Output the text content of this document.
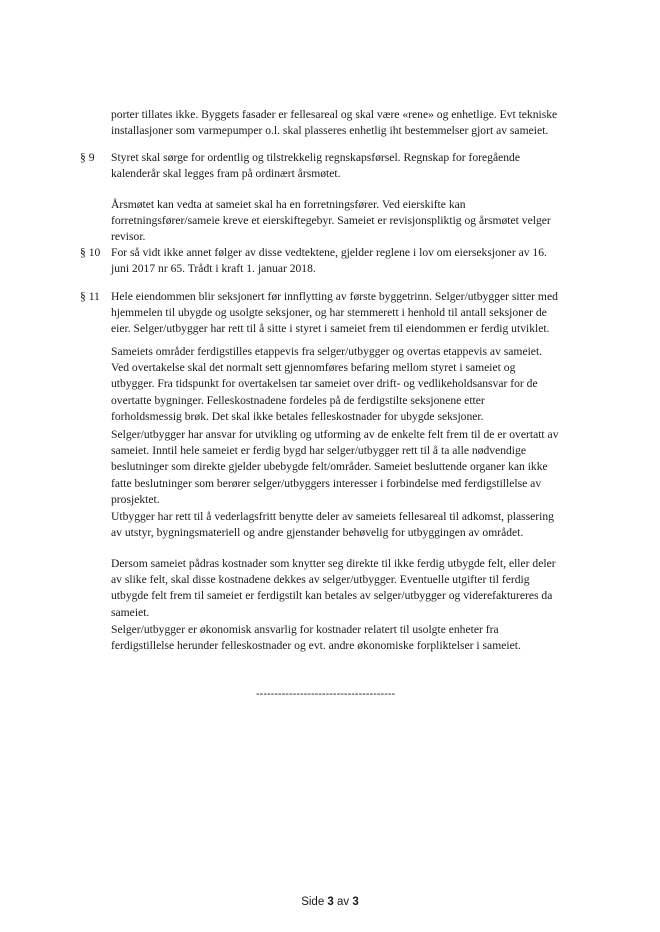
porter tillates ikke. Byggets fasader er fellesareal og skal være «rene» og enhetlige. Evt tekniske

installasjoner som varmepumper o.l. skal plasseres enhetlig iht bestemmelser gjort av sameiet.

§ 9 Styret skal sørge for ordentlig og tilstrekkelig regnskapsførsel. Regnskap for foregående

kalenderår skal legges fram på ordinært årsmøtet.

Årsmøtet kan vedta at sameiet skal ha en forretningsfører. Ved eierskifte kan

forretningsfører/sameie kreve et eierskiftegebyr. Sameiet er revisjonspliktig og årsmøtet velger

revisor.

§ 10 For så vidt ikke annet følger av disse vedtektene, gjelder reglene i lov om eierseksjoner av 16.

juni 2017 nr 65. Trådt i kraft 1. januar 2018.

§ 11 Hele eiendommen blir seksjonert før innflytting av første byggetrinn. Selger/utbygger sitter med

hjemmelen til ubygde og usolgte seksjoner, og har stemmerett i henhold til antall seksjoner de

eier. Selger/utbygger har rett til å sitte i styret i sameiet frem til eiendommen er ferdig utviklet.

Sameiets områder ferdigstilles etappevis fra selger/utbygger og overtas etappevis av sameiet.

Ved overtakelse skal det normalt sett gjennomføres befaring mellom styret i sameiet og

utbygger. Fra tidspunkt for overtakelsen tar sameiet over drift- og vedlikeholdsansvar for de

overtatte bygninger. Felleskostnadene fordeles på de ferdigstilte seksjonene etter

forholdsmessig brøk. Det skal ikke betales felleskostnader for ubygde seksjoner.

Selger/utbygger har ansvar for utvikling og utforming av de enkelte felt frem til de er overtatt av

sameiet. Inntil hele sameiet er ferdig bygd har selger/utbygger rett til å ta alle nødvendige

beslutninger som direkte gjelder ubebygde felt/områder. Sameiet besluttende organer kan ikke

fatte beslutninger som berører selger/utbyggers interesser i forbindelse med ferdigstillelse av

prosjektet.

Utbygger har rett til å vederlagsfritt benytte deler av sameiets fellesareal til adkomst, plassering

av utstyr, bygningsmateriell og andre gjenstander behøvelig for utbyggingen av området.

Dersom sameiet pådras kostnader som knytter seg direkte til ikke ferdig utbygde felt, eller deler

av slike felt, skal disse kostnadene dekkes av selger/utbygger. Eventuelle utgifter til ferdig

utbygde felt frem til sameiet er ferdigstilt kan betales av selger/utbygger og viderefaktureres da

sameiet.

Selger/utbygger er økonomisk ansvarlig for kostnader relatert til usolgte enheter fra

ferdigstillelse herunder felleskostnader og evt. andre økonomiske forpliktelser i sameiet.

--------------------------------------
Side 3 av 3
